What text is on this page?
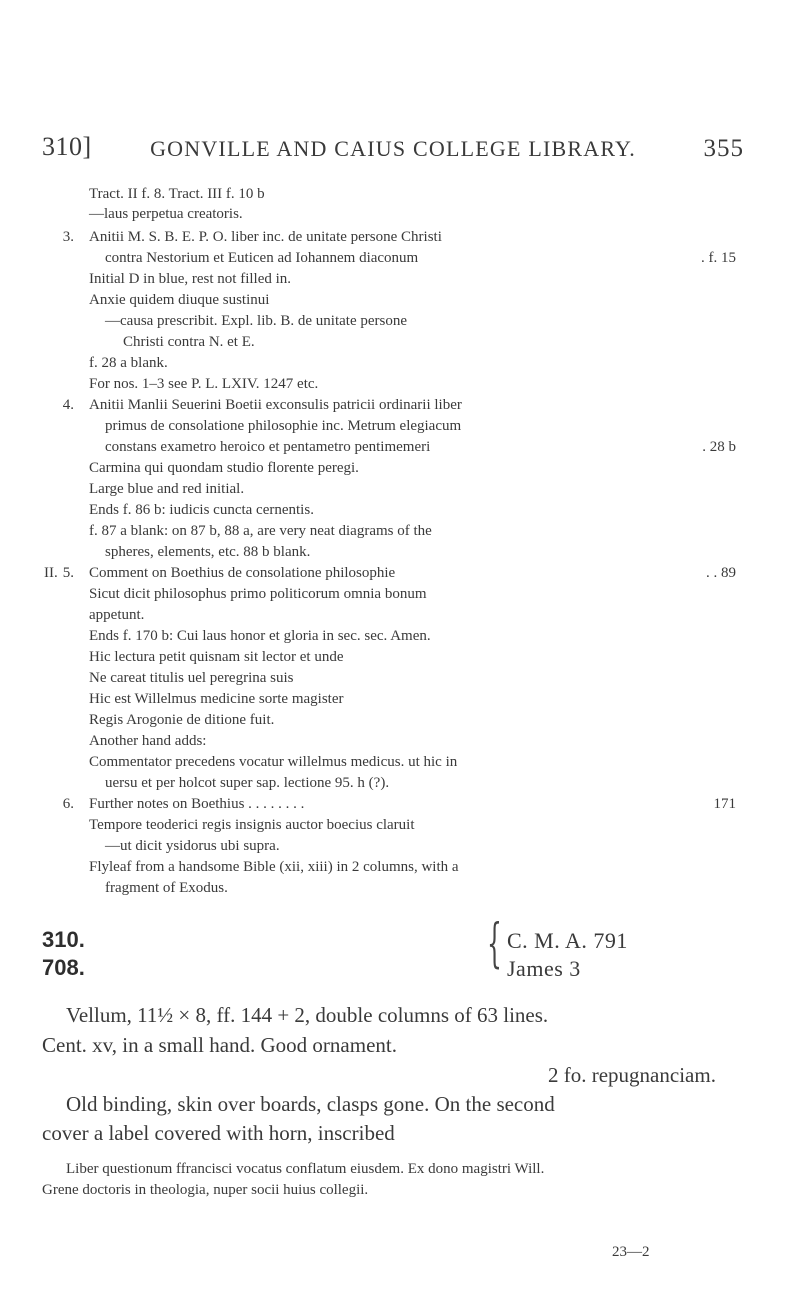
310]	GONVILLE AND CAIUS COLLEGE LIBRARY.	355
Tract. II f. 8. Tract. III f. 10 b
—laus perpetua creatoris.
3. Anitii M. S. B. E. P. O. liber inc. de unitate persone Christi
contra Nestorium et Euticen ad Iohannem diaconum	. f. 15
Initial D in blue, rest not filled in.
Anxie quidem diuque sustinui
—causa prescribit. Expl. lib. B. de unitate persone
Christi contra N. et E.
f. 28 a blank.
For nos. 1–3 see P. L. LXIV. 1247 etc.
4. Anitii Manlii Seuerini Boetii exconsulis patricii ordinarii liber
primus de consolatione philosophie inc. Metrum elegiacum
constans exametro heroico et pentametro pentimemeri	. 28 b
Carmina qui quondam studio florente peregi.
Large blue and red initial.
Ends f. 86 b: iudicis cuncta cernentis.
f. 87 a blank: on 87 b, 88 a, are very neat diagrams of the
spheres, elements, etc. 88 b blank.
II. 5. Comment on Boethius de consolatione philosophie	. . 89
Sicut dicit philosophus primo politicorum omnia bonum
appetunt.
Ends f. 170 b: Cui laus honor et gloria in sec. sec. Amen.
Hic lectura petit quisnam sit lector et unde
Ne careat titulis uel peregrina suis
Hic est Willelmus medicine sorte magister
Regis Arogonie de ditione fuit.
Another hand adds:
Commentator precedens vocatur willelmus medicus. ut hic in
uersu et per holcot super sap. lectione 95. h (?).
6. Further notes on Boethius . . . . . . . .	171
Tempore teoderici regis insignis auctor boecius claruit
—ut dicit ysidorus ubi supra.
Flyleaf from a handsome Bible (xii, xiii) in 2 columns, with a
fragment of Exodus.
310.
708.	{ C. M. A. 791
James 3
Vellum, 11½ × 8, ff. 144 + 2, double columns of 63 lines.
Cent. xv, in a small hand. Good ornament.
2 fo. repugnanciam.
Old binding, skin over boards, clasps gone. On the second
cover a label covered with horn, inscribed
Liber questionum ffrancisci vocatus conflatum eiusdem. Ex dono magistri Will.
Grene doctoris in theologia, nuper socii huius collegii.
23—2
